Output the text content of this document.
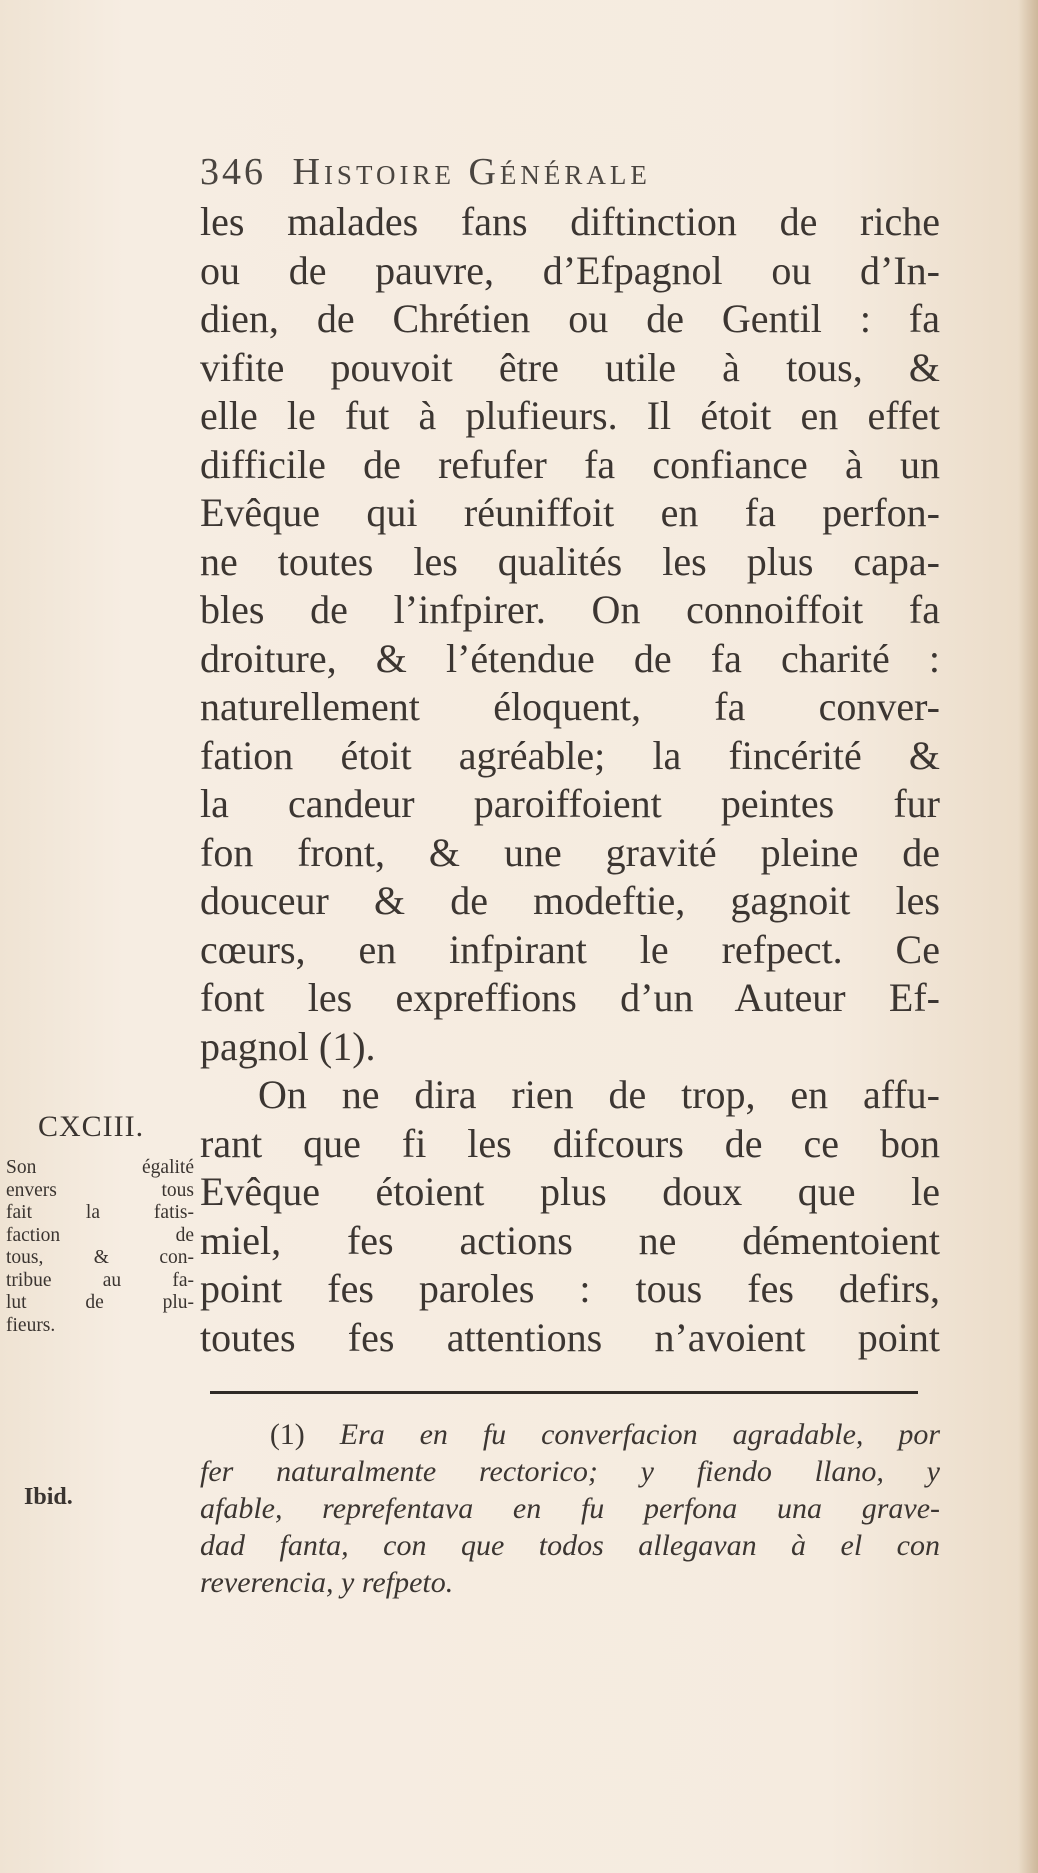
346 Histoire Générale
les malades fans diftinction de riche
ou de pauvre, d’Efpagnol ou d’In-
dien, de Chrétien ou de Gentil : fa
vifite pouvoit être utile à tous, &
elle le fut à plufieurs. Il étoit en effet
difficile de refufer fa confiance à un
Evêque qui réuniffoit en fa perfon-
ne toutes les qualités les plus capa-
bles de l’infpirer. On connoiffoit fa
droiture, & l’étendue de fa charité :
naturellement éloquent, fa conver-
fation étoit agréable; la fincérité &
la candeur paroiffoient peintes fur
fon front, & une gravité pleine de
douceur & de modeftie, gagnoit les
cœurs, en infpirant le refpect. Ce
font les expreffions d’un Auteur Ef-
pagnol (1).
On ne dira rien de trop, en affu-
rant que fi les difcours de ce bon
Evêque étoient plus doux que le
miel, fes actions ne démentoient
point fes paroles : tous fes defirs,
toutes fes attentions n’avoient point
CXCIII.
Son égalité
envers tous
fait la fatis-
faction de
tous, & con-
tribue au fa-
lut de plu-
fieurs.
Ibid.
(1) Era en fu converfacion agradable, por
fer naturalmente rectorico; y fiendo llano, y
afable, reprefentava en fu perfona una grave-
dad fanta, con que todos allegavan à el con
reverencia, y refpeto.
